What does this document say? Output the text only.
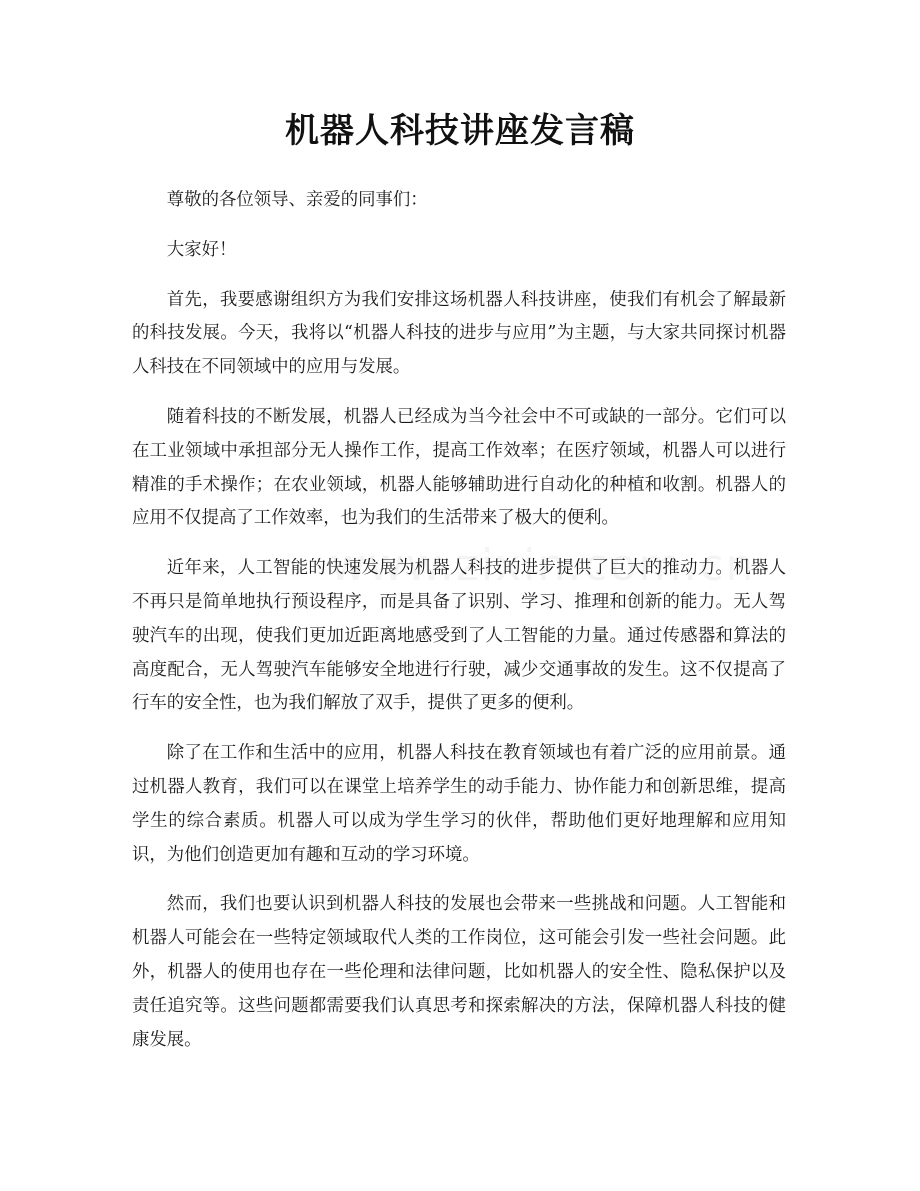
机器人科技讲座发言稿

尊敬的各位领导、亲爱的同事们：

大家好！

首先，我要感谢组织方为我们安排这场机器人科技讲座，使我们有机会了解最新的科技发展。今天，我将以“机器人科技的进步与应用”为主题，与大家共同探讨机器人科技在不同领域中的应用与发展。

随着科技的不断发展，机器人已经成为当今社会中不可或缺的一部分。它们可以在工业领域中承担部分无人操作工作，提高工作效率；在医疗领域，机器人可以进行精准的手术操作；在农业领域，机器人能够辅助进行自动化的种植和收割。机器人的应用不仅提高了工作效率，也为我们的生活带来了极大的便利。

近年来，人工智能的快速发展为机器人科技的进步提供了巨大的推动力。机器人不再只是简单地执行预设程序，而是具备了识别、学习、推理和创新的能力。无人驾驶汽车的出现，使我们更加近距离地感受到了人工智能的力量。通过传感器和算法的高度配合，无人驾驶汽车能够安全地进行行驶，减少交通事故的发生。这不仅提高了行车的安全性，也为我们解放了双手，提供了更多的便利。

除了在工作和生活中的应用，机器人科技在教育领域也有着广泛的应用前景。通过机器人教育，我们可以在课堂上培养学生的动手能力、协作能力和创新思维，提高学生的综合素质。机器人可以成为学生学习的伙伴，帮助他们更好地理解和应用知识，为他们创造更加有趣和互动的学习环境。

然而，我们也要认识到机器人科技的发展也会带来一些挑战和问题。人工智能和机器人可能会在一些特定领域取代人类的工作岗位，这可能会引发一些社会问题。此外，机器人的使用也存在一些伦理和法律问题，比如机器人的安全性、隐私保护以及责任追究等。这些问题都需要我们认真思考和探索解决的方法，保障机器人科技的健康发展。
